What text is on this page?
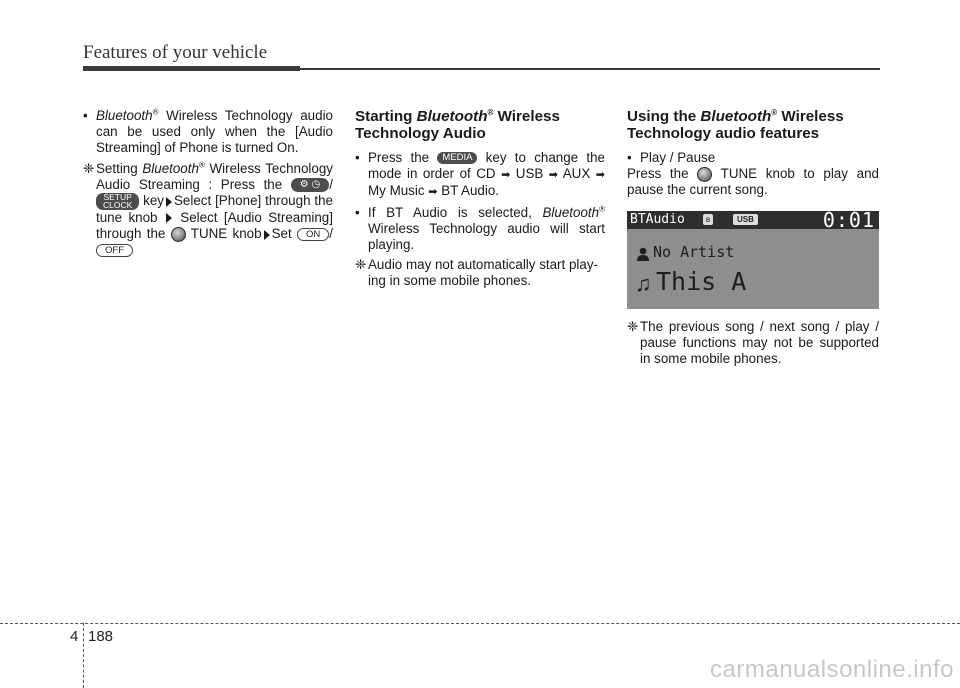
Features of your vehicle

• Bluetooth® Wireless Technology audio can be used only when the [Audio Streaming] of Phone is turned On.

❈ Setting Bluetooth® Wireless Technology Audio Streaming : Press the ⚙ ◷ /SETUP
CLOCK key Select [Phone] through the tune knob  Select [Audio Streaming] through the  TUNE knob Set ON /OFF

Starting Bluetooth® Wireless Technology Audio

• Press the MEDIA key to change the mode in order of CD ➡ USB ➡ AUX ➡ My Music ➡ BT Audio.

• If BT Audio is selected, Bluetooth® Wireless Technology audio will start playing.

❈ Audio may not automatically start play-ing in some mobile phones.

Using the Bluetooth® Wireless Technology audio features

• Play / Pause

Press the  TUNE knob to play and pause the current song.

BTAudio	ʙ	USB	0:01
No Artist
♫ This A

❈ The previous song / next song / play / pause functions may not be supported in some mobile phones.

4 188
carmanualsonline.info
